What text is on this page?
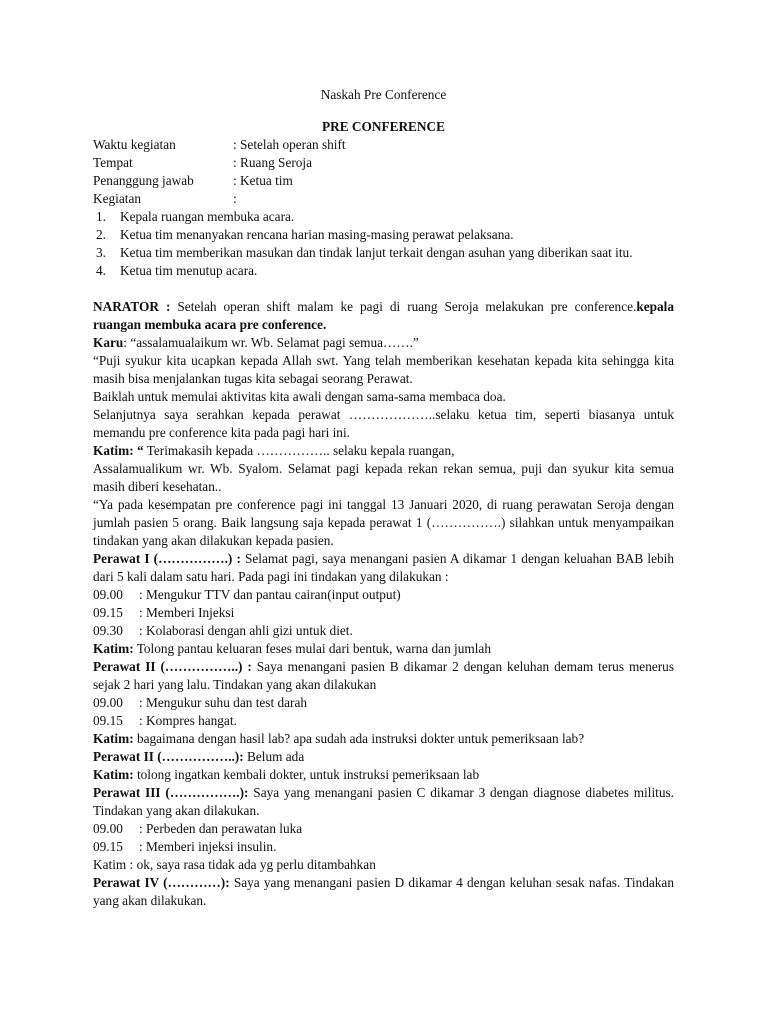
Naskah Pre Conference

PRE CONFERENCE

Waktu kegiatan	: Setelah operan shift
Tempat	: Ruang Seroja
Penanggung jawab	: Ketua tim
Kegiatan	:
1.	Kepala ruangan membuka acara.
2.	Ketua tim menanyakan rencana harian masing-masing perawat pelaksana.
3.	Ketua tim memberikan masukan dan tindak lanjut terkait dengan asuhan yang diberikan saat itu.
4.	Ketua tim menutup acara.

NARATOR : Setelah operan shift malam ke pagi di ruang Seroja melakukan pre conference.kepala ruangan membuka acara pre conference.

Karu: “assalamualaikum wr. Wb. Selamat pagi semua…….”

“Puji syukur kita ucapkan kepada Allah swt. Yang telah memberikan kesehatan kepada kita sehingga kita masih bisa menjalankan tugas kita sebagai seorang Perawat.

Baiklah untuk memulai aktivitas kita awali dengan sama-sama membaca doa.

Selanjutnya saya serahkan kepada perawat ………………..selaku ketua tim, seperti biasanya untuk memandu pre conference kita pada pagi hari ini.

Katim: “ Terimakasih kepada …………….. selaku kepala ruangan,

Assalamualikum wr. Wb. Syalom. Selamat pagi kepada rekan rekan semua, puji dan syukur kita semua masih diberi kesehatan..

“Ya pada kesempatan pre conference pagi ini tanggal 13 Januari 2020, di ruang perawatan Seroja dengan jumlah pasien 5 orang. Baik langsung saja kepada perawat 1 (…………….) silahkan untuk menyampaikan tindakan yang akan dilakukan kepada pasien.

Perawat I (…………….) : Selamat pagi, saya menangani pasien A dikamar 1 dengan keluahan BAB lebih dari 5 kali dalam satu hari. Pada pagi ini tindakan yang dilakukan :

09.00	: Mengukur TTV dan pantau cairan(input output)
09.15	: Memberi Injeksi
09.30	: Kolaborasi dengan ahli gizi untuk diet.

Katim: Tolong pantau keluaran feses mulai dari bentuk, warna dan jumlah

Perawat II (……………..) : Saya menangani pasien B dikamar 2 dengan keluhan demam terus menerus sejak 2 hari yang lalu. Tindakan yang akan dilakukan

09.00	: Mengukur suhu dan test darah
09.15	: Kompres hangat.

Katim: bagaimana dengan hasil lab? apa sudah ada instruksi dokter untuk pemeriksaan lab?

Perawat II (……………..): Belum ada

Katim: tolong ingatkan kembali dokter, untuk instruksi pemeriksaan lab

Perawat III (…………….): Saya yang menangani pasien C dikamar 3 dengan diagnose diabetes militus. Tindakan yang akan dilakukan.

09.00	: Perbeden dan perawatan luka
09.15	: Memberi injeksi insulin.

Katim : ok, saya rasa tidak ada yg perlu ditambahkan

Perawat IV (…………): Saya yang menangani pasien D dikamar 4 dengan keluhan sesak nafas. Tindakan yang akan dilakukan.
